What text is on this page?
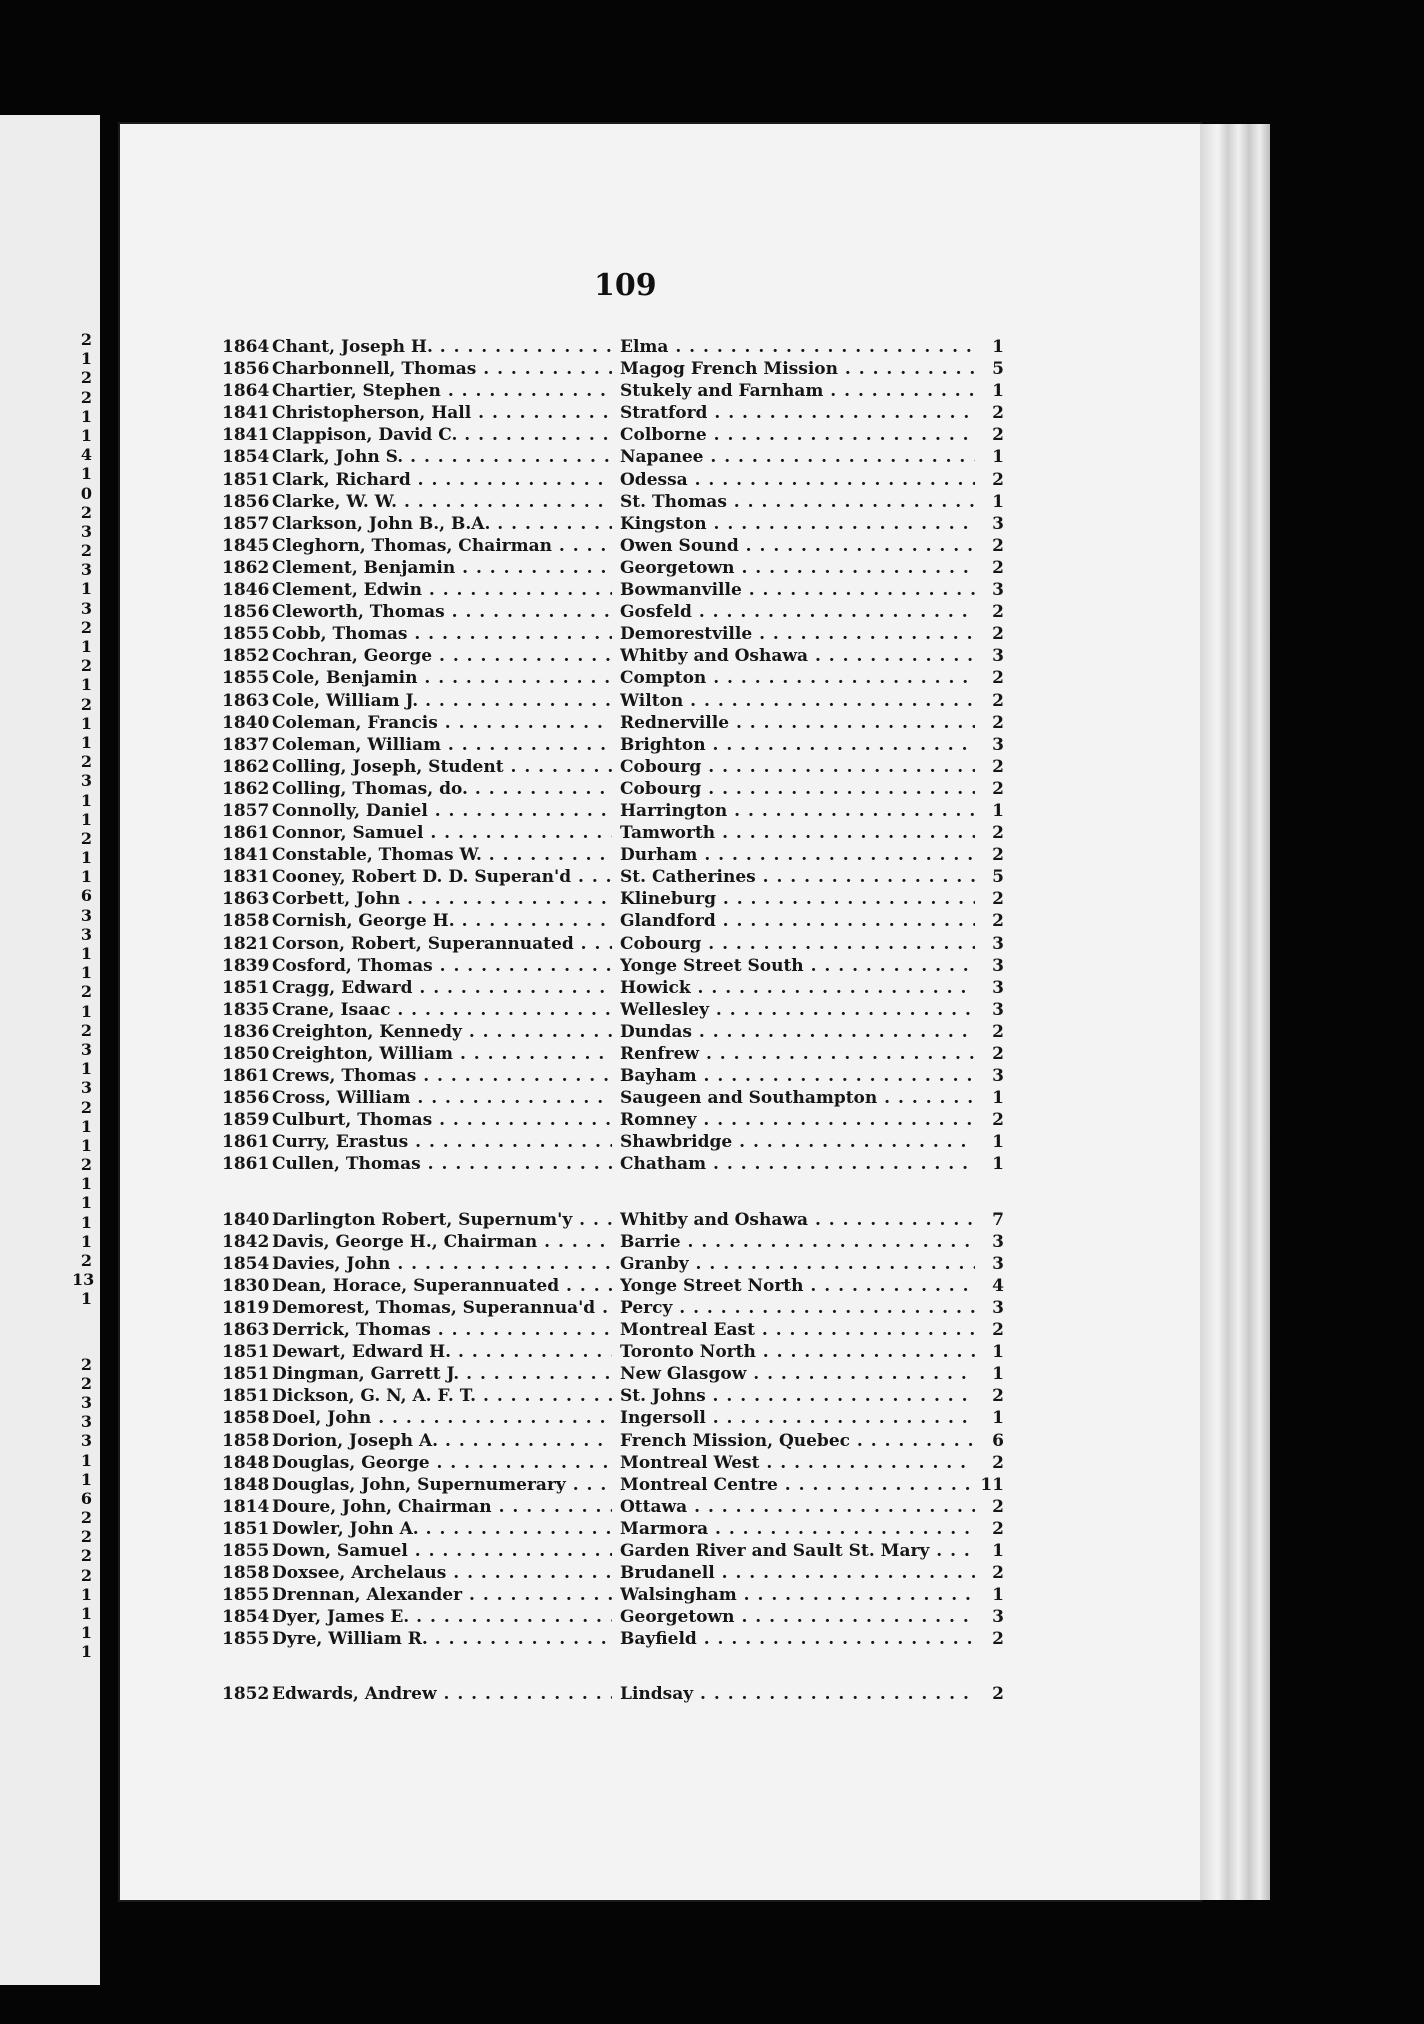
2
1
2
2
1
1
4
1
0
2
3
2
3
1
3
2
1
2
1
2
1
1
2
3
1
1
2
1
1
6
3
3
1
1
2
1
2
3
1
3
2
1
1
2
1
1
1
1
2
13
1
2
2
3
3
3
1
1
6
2
2
2
2
1
1
1
1
109
1864 Chant, Joseph H. . . .	Elma . . .	1
1856 Charbonnell, Thomas . . .	Magog French Mission . . .	5
1864 Chartier, Stephen . . .	Stukely and Farnham . . .	1
1841 Christopherson, Hall . . .	Stratford . . .	2
1841 Clappison, David C. . . .	Colborne . . .	2
1854 Clark, John S. . . .	Napanee . . .	1
1851 Clark, Richard . . .	Odessa . . .	2
1856 Clarke, W. W. . . .	St. Thomas . . .	1
1857 Clarkson, John B., B.A. . . .	Kingston . . .	3
1845 Cleghorn, Thomas, Chairman . . .	Owen Sound . . .	2
1862 Clement, Benjamin . . .	Georgetown . . .	2
1846 Clement, Edwin . . .	Bowmanville . . .	3
1856 Cleworth, Thomas . . .	Gosfeld . . .	2
1855 Cobb, Thomas . . .	Demorestville . . .	2
1852 Cochran, George . . .	Whitby and Oshawa . . .	3
1855 Cole, Benjamin . . .	Compton . . .	2
1863 Cole, William J. . . .	Wilton . . .	2
1840 Coleman, Francis . . .	Rednerville . . .	2
1837 Coleman, William . . .	Brighton . . .	3
1862 Colling, Joseph, Student . . .	Cobourg . . .	2
1862 Colling, Thomas, do. . . .	Cobourg . . .	2
1857 Connolly, Daniel . . .	Harrington . . .	1
1861 Connor, Samuel . . .	Tamworth . . .	2
1841 Constable, Thomas W. . . .	Durham . . .	2
1831 Cooney, Robert D. D. Superan'd . . .	St. Catherines . . .	5
1863 Corbett, John . . .	Klineburg . . .	2
1858 Cornish, George H. . . .	Glandford . . .	2
1821 Corson, Robert, Superannuated . . .	Cobourg . . .	3
1839 Cosford, Thomas . . .	Yonge Street South . . .	3
1851 Cragg, Edward . . .	Howick . . .	3
1835 Crane, Isaac . . .	Wellesley . . .	3
1836 Creighton, Kennedy . . .	Dundas . . .	2
1850 Creighton, William . . .	Renfrew . . .	2
1861 Crews, Thomas . . .	Bayham . . .	3
1856 Cross, William . . .	Saugeen and Southampton . . .	1
1859 Culburt, Thomas . . .	Romney . . .	2
1861 Curry, Erastus . . .	Shawbridge . . .	1
1861 Cullen, Thomas . . .	Chatham . . .	1
1840 Darlington Robert, Supernum'y . . .	Whitby and Oshawa . . .	7
1842 Davis, George H., Chairman . . .	Barrie . . .	3
1854 Davies, John . . .	Granby . . .	3
1830 Dean, Horace, Superannuated . . .	Yonge Street North . . .	4
1819 Demorest, Thomas, Superannua'd . . .	Percy . . .	3
1863 Derrick, Thomas . . .	Montreal East . . .	2
1851 Dewart, Edward H. . . .	Toronto North . . .	1
1851 Dingman, Garrett J. . . .	New Glasgow . . .	1
1851 Dickson, G. N, A. F. T. . . .	St. Johns . . .	2
1858 Doel, John . . .	Ingersoll . . .	1
1858 Dorion, Joseph A. . . .	French Mission, Quebec . . .	6
1848 Douglas, George . . .	Montreal West . . .	2
1848 Douglas, John, Supernumerary . . .	Montreal Centre . . .	11
1814 Doure, John, Chairman . . .	Ottawa . . .	2
1851 Dowler, John A. . . .	Marmora . . .	2
1855 Down, Samuel . . .	Garden River and Sault St. Mary . . .	1
1858 Doxsee, Archelaus . . .	Brudanell . . .	2
1855 Drennan, Alexander . . .	Walsingham . . .	1
1854 Dyer, James E. . . .	Georgetown . . .	3
1855 Dyre, William R. . . .	Bayfield . . .	2
1852 Edwards, Andrew . . .	Lindsay . . .	2
